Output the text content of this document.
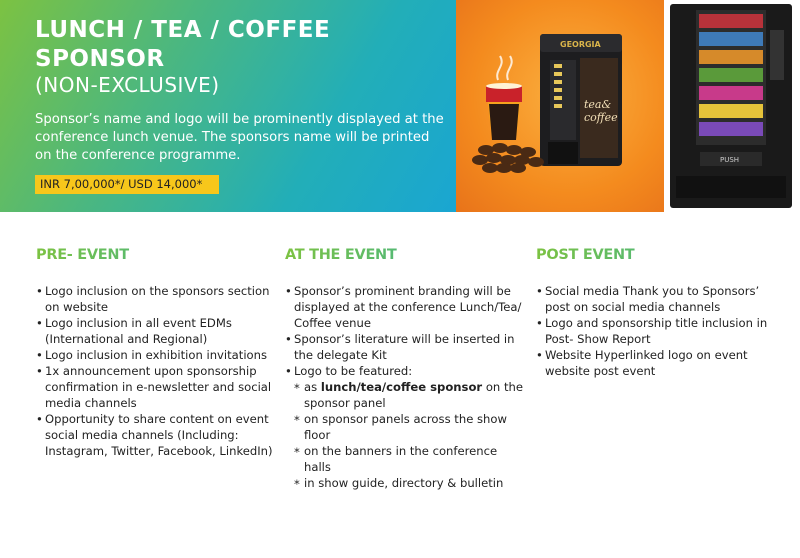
LUNCH / TEA / COFFEE
SPONSOR
(NON-EXCLUSIVE)
Sponsor’s name and logo will be prominently displayed at the conference lunch venue. The sponsors name will be printed on the conference programme.
INR 7,00,000*/ USD 14,000*
GEORGIA
tea&
coffee
PUSH
PRE- EVENT
• Logo inclusion on the sponsors section on website
• Logo inclusion in all event EDMs (International and Regional)
• Logo inclusion in exhibition invitations
• 1x announcement upon sponsorship confirmation in e-newsletter and social media channels
• Opportunity to share content on event social media channels (Including: Instagram, Twitter, Facebook, LinkedIn)
AT THE EVENT
• Sponsor’s prominent branding will be displayed at the conference Lunch/Tea/ Coffee venue
• Sponsor’s literature will be inserted in the delegate Kit
• Logo to be featured:
* as lunch/tea/coffee sponsor on the sponsor panel
* on sponsor panels across the show floor
* on the banners in the conference halls
* in show guide, directory & bulletin
POST EVENT
• Social media Thank you to Sponsors’ post on social media channels
• Logo and sponsorship title inclusion in Post- Show Report
• Website Hyperlinked logo on event website post event
